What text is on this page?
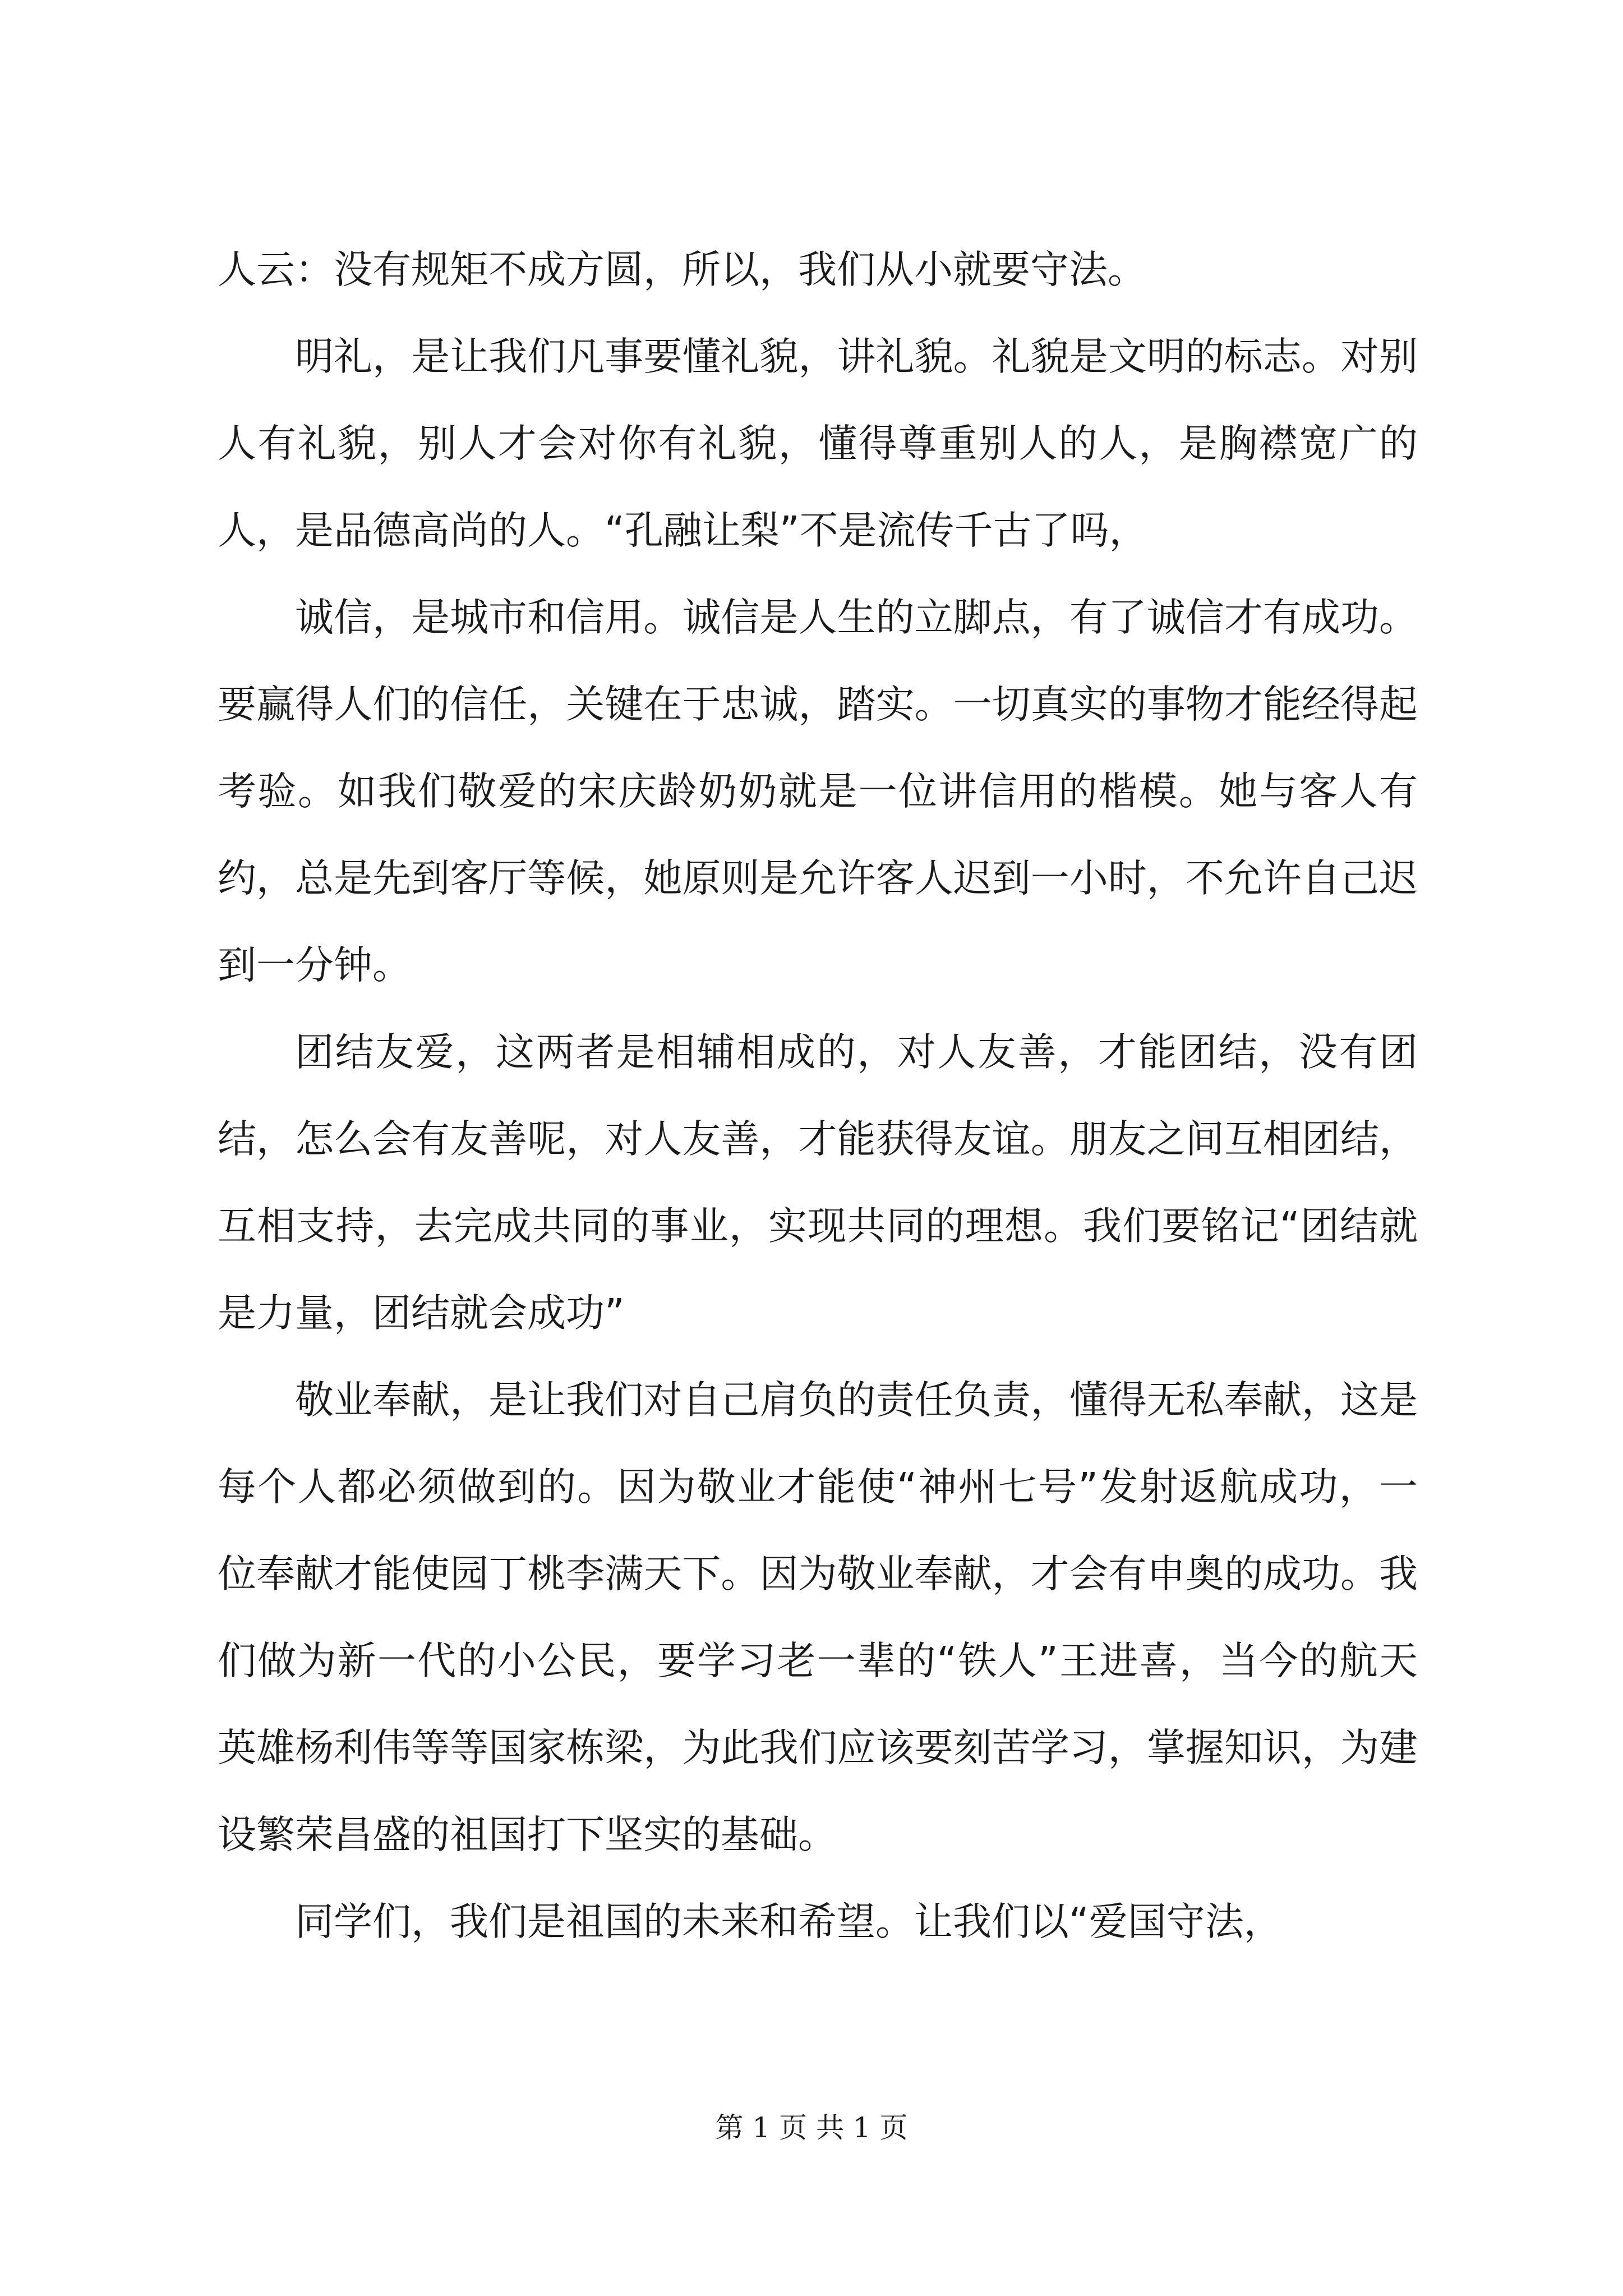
人云：没有规矩不成方圆，所以，我们从小就要守法。

明礼，是让我们凡事要懂礼貌，讲礼貌。礼貌是文明的标志。对别人有礼貌，别人才会对你有礼貌，懂得尊重别人的人，是胸襟宽广的人，是品德高尚的人。“孔融让梨”不是流传千古了吗，

诚信，是城市和信用。诚信是人生的立脚点，有了诚信才有成功。要赢得人们的信任，关键在于忠诚，踏实。一切真实的事物才能经得起考验。如我们敬爱的宋庆龄奶奶就是一位讲信用的楷模。她与客人有约，总是先到客厅等候，她原则是允许客人迟到一小时，不允许自己迟到一分钟。

团结友爱，这两者是相辅相成的，对人友善，才能团结，没有团结，怎么会有友善呢，对人友善，才能获得友谊。朋友之间互相团结，互相支持，去完成共同的事业，实现共同的理想。我们要铭记“团结就是力量，团结就会成功”

敬业奉献，是让我们对自己肩负的责任负责，懂得无私奉献，这是每个人都必须做到的。因为敬业才能使“神州七号”发射返航成功，一位奉献才能使园丁桃李满天下。因为敬业奉献，才会有申奥的成功。我们做为新一代的小公民，要学习老一辈的“铁人”王进喜，当今的航天英雄杨利伟等等国家栋梁，为此我们应该要刻苦学习，掌握知识，为建设繁荣昌盛的祖国打下坚实的基础。

同学们，我们是祖国的未来和希望。让我们以“爱国守法，

第 1 页 共 1 页
